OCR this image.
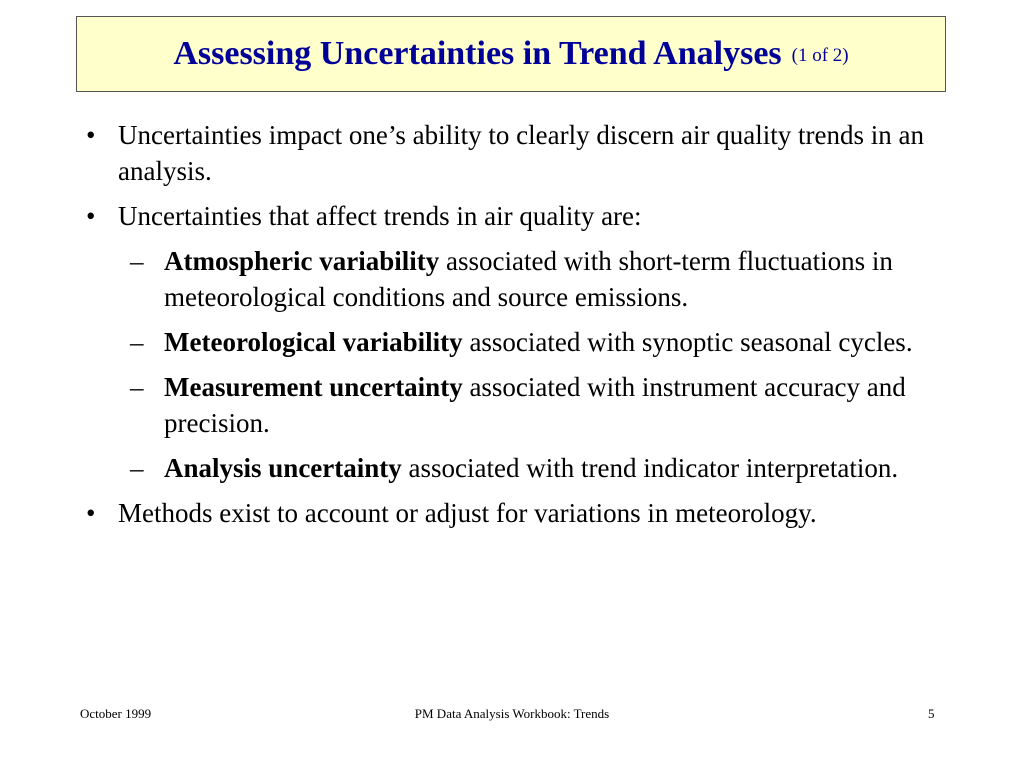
Assessing Uncertainties in Trend Analyses (1 of 2)
• Uncertainties impact one’s ability to clearly discern air quality trends in an analysis.
• Uncertainties that affect trends in air quality are:
– Atmospheric variability associated with short-term fluctuations in meteorological conditions and source emissions.
– Meteorological variability associated with synoptic seasonal cycles.
– Measurement uncertainty associated with instrument accuracy and precision.
– Analysis uncertainty associated with trend indicator interpretation.
• Methods exist to account or adjust for variations in meteorology.
October 1999	PM Data Analysis Workbook: Trends	5
